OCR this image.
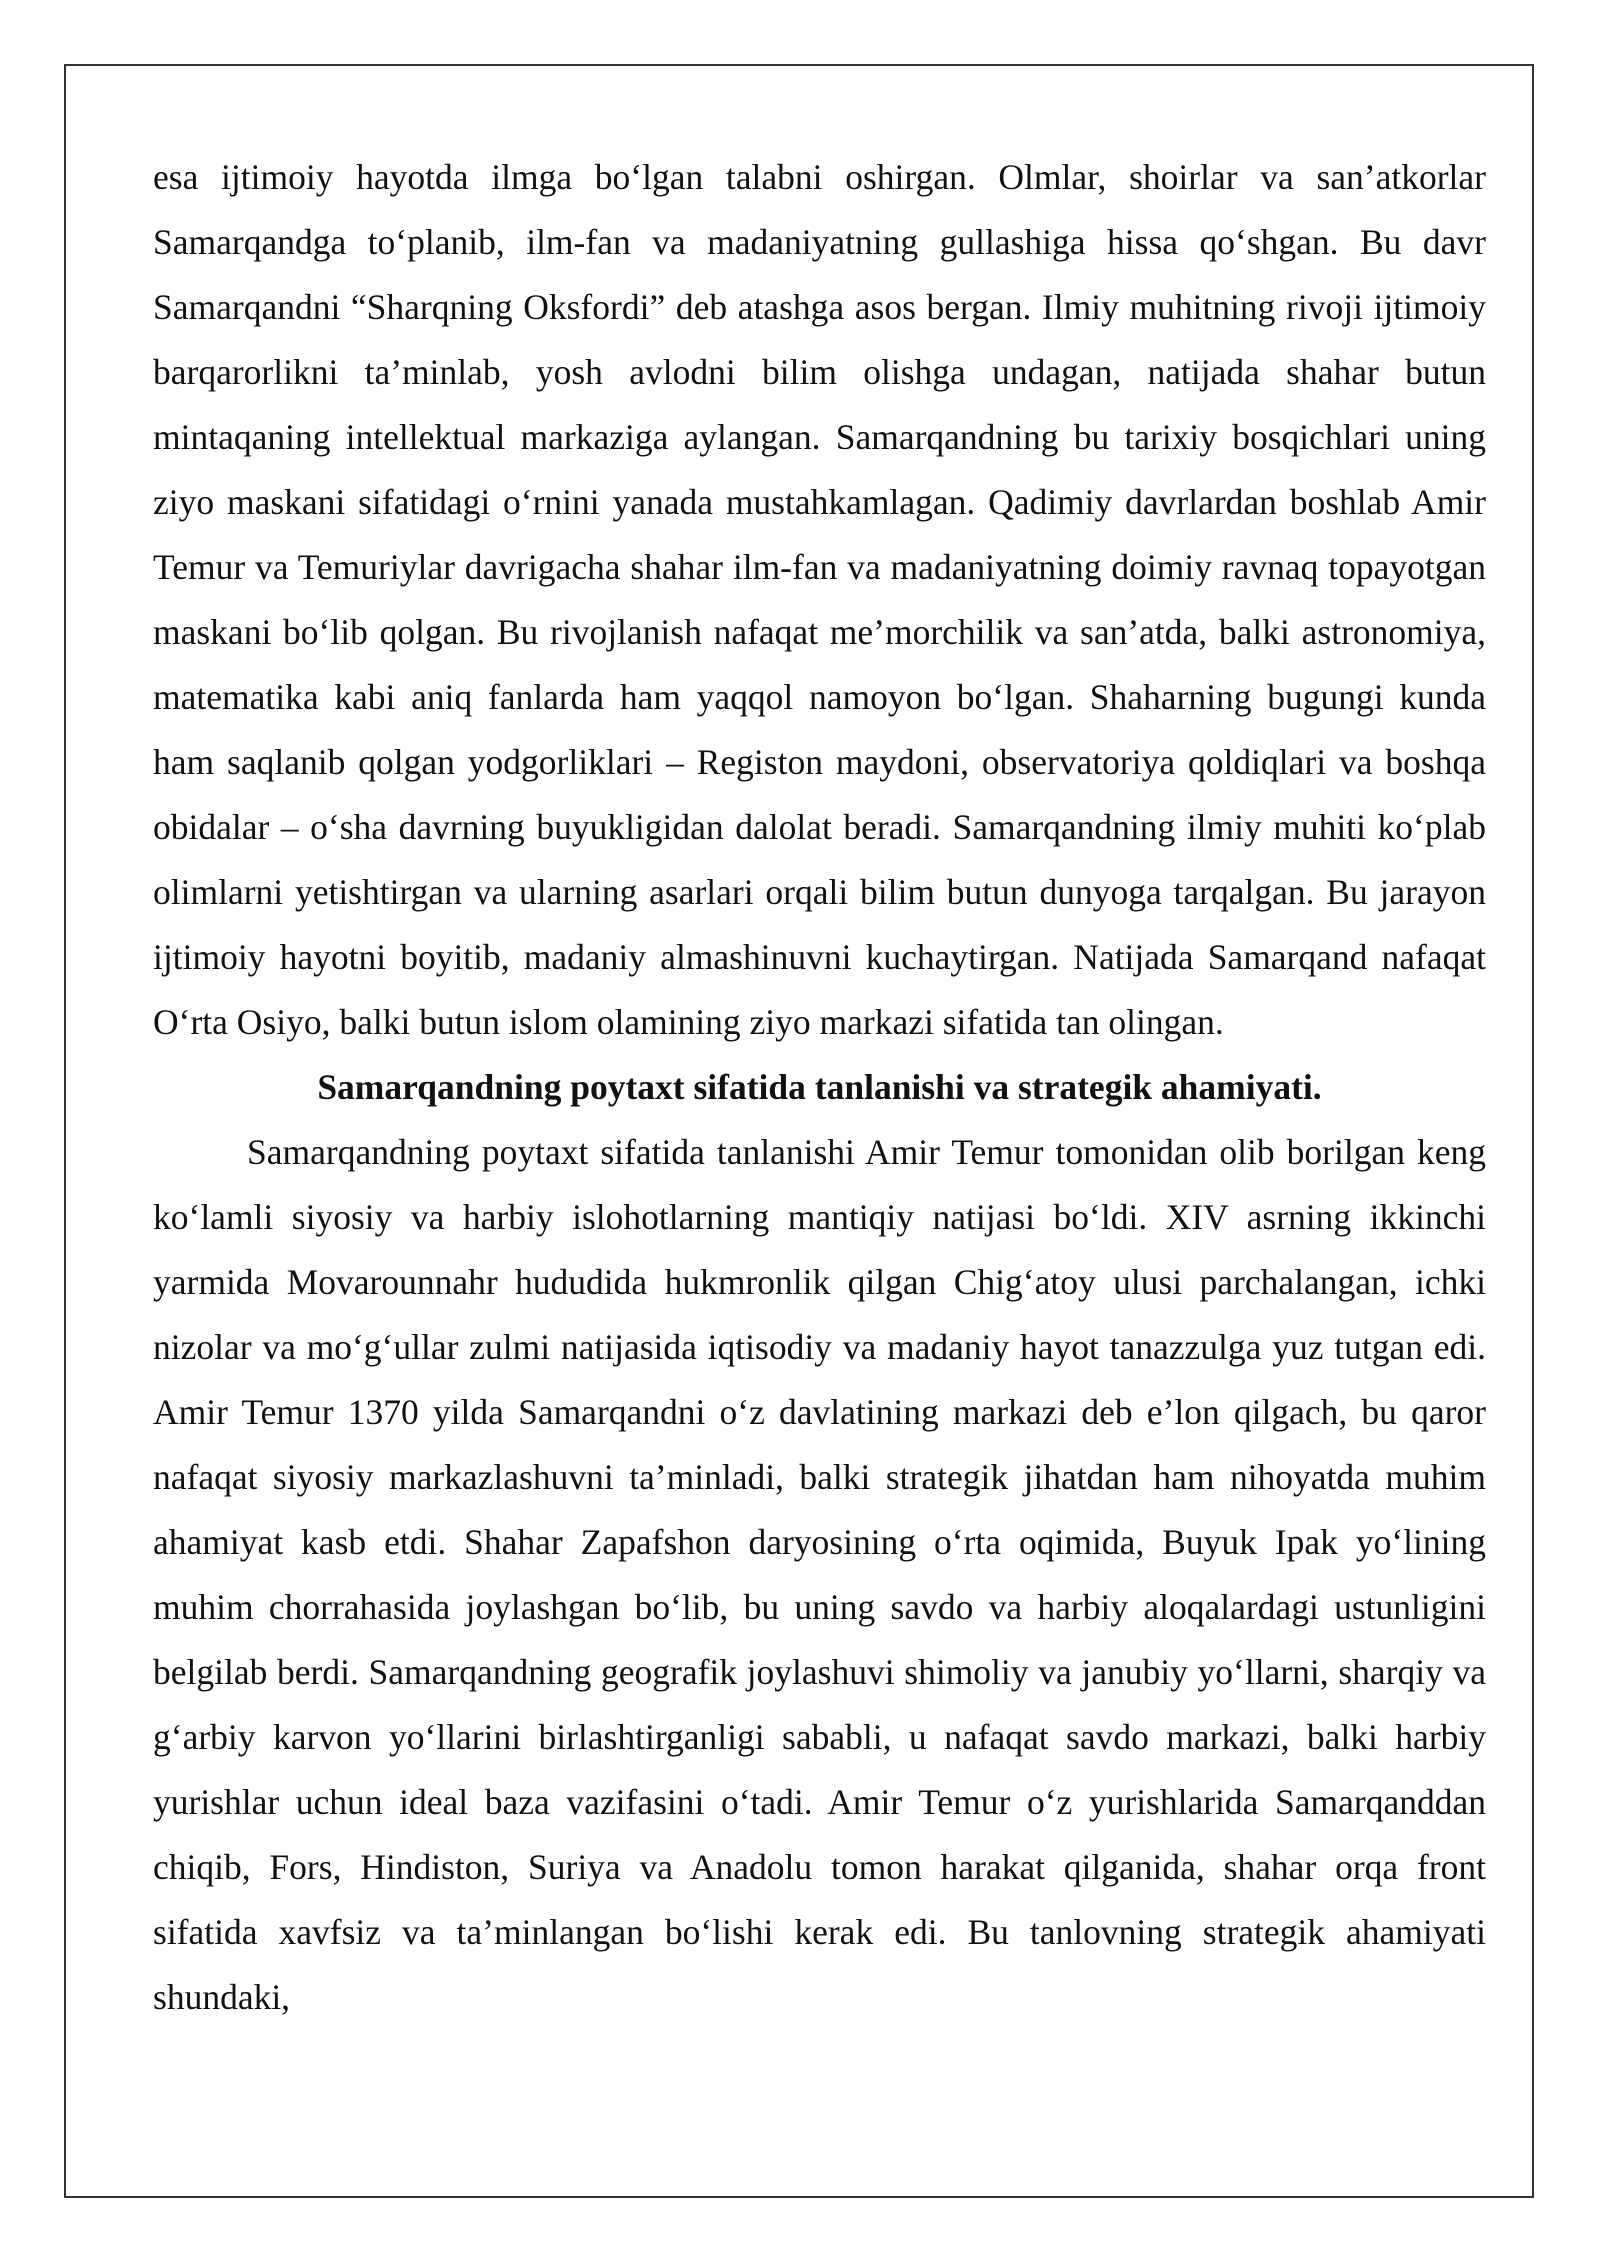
esa ijtimoiy hayotda ilmga bo‘lgan talabni oshirgan. Olmlar, shoirlar va san’atkorlar Samarqandga to‘planib, ilm-fan va madaniyatning gullashiga hissa qo‘shgan. Bu davr Samarqandni “Sharqning Oksfordi” deb atashga asos bergan. Ilmiy muhitning rivoji ijtimoiy barqarorlikni ta’minlab, yosh avlodni bilim olishga undagan, natijada shahar butun mintaqaning intellektual markaziga aylangan. Samarqandning bu tarixiy bosqichlari uning ziyo maskani sifatidagi o‘rnini yanada mustahkamlagan. Qadimiy davrlardan boshlab Amir Temur va Temuriylar davrigacha shahar ilm-fan va madaniyatning doimiy ravnaq topayotgan maskani bo‘lib qolgan. Bu rivojlanish nafaqat me’morchilik va san’atda, balki astronomiya, matematika kabi aniq fanlarda ham yaqqol namoyon bo‘lgan. Shaharning bugungi kunda ham saqlanib qolgan yodgorliklari – Registon maydoni, observatoriya qoldiqlari va boshqa obidalar – o‘sha davrning buyukligidan dalolat beradi. Samarqandning ilmiy muhiti ko‘plab olimlarni yetishtirgan va ularning asarlari orqali bilim butun dunyoga tarqalgan. Bu jarayon ijtimoiy hayotni boyitib, madaniy almashinuvni kuchaytirgan. Natijada Samarqand nafaqat O‘rta Osiyo, balki butun islom olamining ziyo markazi sifatida tan olingan.

Samarqandning poytaxt sifatida tanlanishi va strategik ahamiyati.

Samarqandning poytaxt sifatida tanlanishi Amir Temur tomonidan olib borilgan keng ko‘lamli siyosiy va harbiy islohotlarning mantiqiy natijasi bo‘ldi. XIV asrning ikkinchi yarmida Movarounnahr hududida hukmronlik qilgan Chig‘atoy ulusi parchalangan, ichki nizolar va mo‘g‘ullar zulmi natijasida iqtisodiy va madaniy hayot tanazzulga yuz tutgan edi. Amir Temur 1370 yilda Samarqandni o‘z davlatining markazi deb e’lon qilgach, bu qaror nafaqat siyosiy markazlashuvni ta’minladi, balki strategik jihatdan ham nihoyatda muhim ahamiyat kasb etdi. Shahar Zapafshon daryosining o‘rta oqimida, Buyuk Ipak yo‘lining muhim chorrahasida joylashgan bo‘lib, bu uning savdo va harbiy aloqalardagi ustunligini belgilab berdi. Samarqandning geografik joylashuvi shimoliy va janubiy yo‘llarni, sharqiy va g‘arbiy karvon yo‘llarini birlashtirganligi sababli, u nafaqat savdo markazi, balki harbiy yurishlar uchun ideal baza vazifasini o‘tadi. Amir Temur o‘z yurishlarida Samarqanddan chiqib, Fors, Hindiston, Suriya va Anadolu tomon harakat qilganida, shahar orqa front sifatida xavfsiz va ta’minlangan bo‘lishi kerak edi. Bu tanlovning strategik ahamiyati shundaki,
